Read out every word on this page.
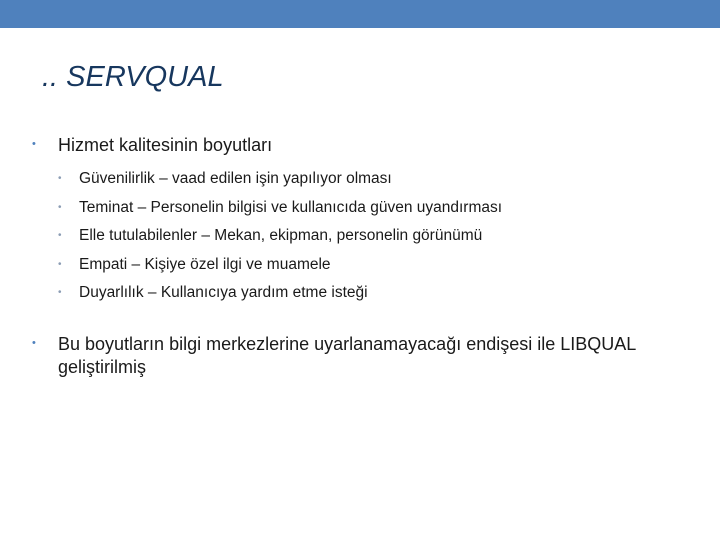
.. SERVQUAL
• Hizmet kalitesinin boyutları
• Güvenilirlik – vaad edilen işin yapılıyor olması
• Teminat – Personelin bilgisi ve kullanıcıda güven uyandırması
• Elle tutulabilenler – Mekan, ekipman, personelin görünümü
• Empati – Kişiye özel ilgi ve muamele
• Duyarlılık – Kullanıcıya yardım etme isteği
• Bu boyutların bilgi merkezlerine uyarlanamayacağı endişesi ile LIBQUAL geliştirilmiş
